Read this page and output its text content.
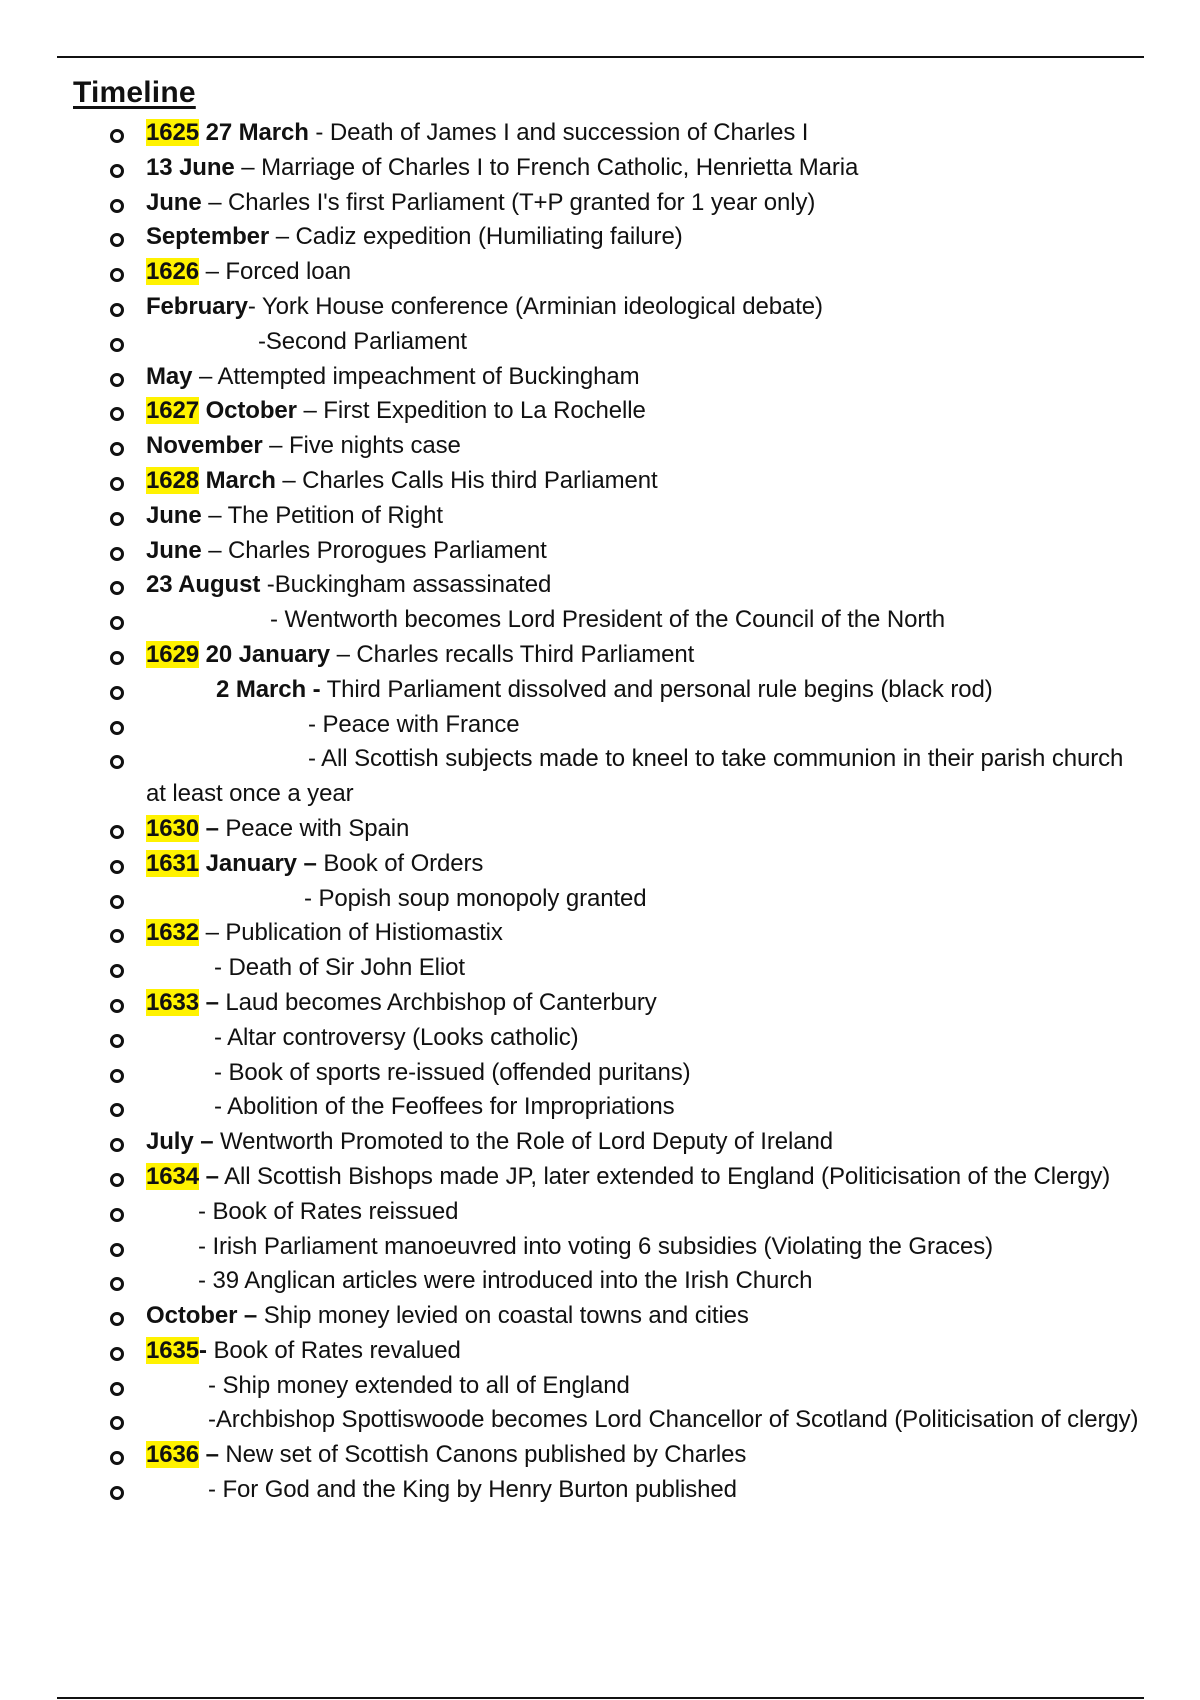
Timeline
1625 27 March - Death of James I and succession of Charles I
13 June – Marriage of Charles I to French Catholic, Henrietta Maria
June – Charles I's first Parliament (T+P granted for 1 year only)
September – Cadiz expedition (Humiliating failure)
1626 – Forced loan
February- York House conference (Arminian ideological debate)
-Second Parliament
May – Attempted impeachment of Buckingham
1627 October – First Expedition to La Rochelle
November – Five nights case
1628 March – Charles Calls His third Parliament
June – The Petition of Right
June – Charles Prorogues Parliament
23 August -Buckingham assassinated
- Wentworth becomes Lord President of the Council of the North
1629 20 January – Charles recalls Third Parliament
2 March - Third Parliament dissolved and personal rule begins (black rod)
- Peace with France
- All Scottish subjects made to kneel to take communion in their parish church at least once a year
1630 – Peace with Spain
1631 January – Book of Orders
- Popish soup monopoly granted
1632 – Publication of Histiomastix
- Death of Sir John Eliot
1633 – Laud becomes Archbishop of Canterbury
- Altar controversy (Looks catholic)
- Book of sports re-issued (offended puritans)
- Abolition of the Feoffees for Impropriations
July – Wentworth Promoted to the Role of Lord Deputy of Ireland
1634 – All Scottish Bishops made JP, later extended to England (Politicisation of the Clergy)
- Book of Rates reissued
- Irish Parliament manoeuvred into voting 6 subsidies (Violating the Graces)
- 39 Anglican articles were introduced into the Irish Church
October – Ship money levied on coastal towns and cities
1635- Book of Rates revalued
- Ship money extended to all of England
-Archbishop Spottiswoode becomes Lord Chancellor of Scotland (Politicisation of clergy)
1636 – New set of Scottish Canons published by Charles
- For God and the King by Henry Burton published
